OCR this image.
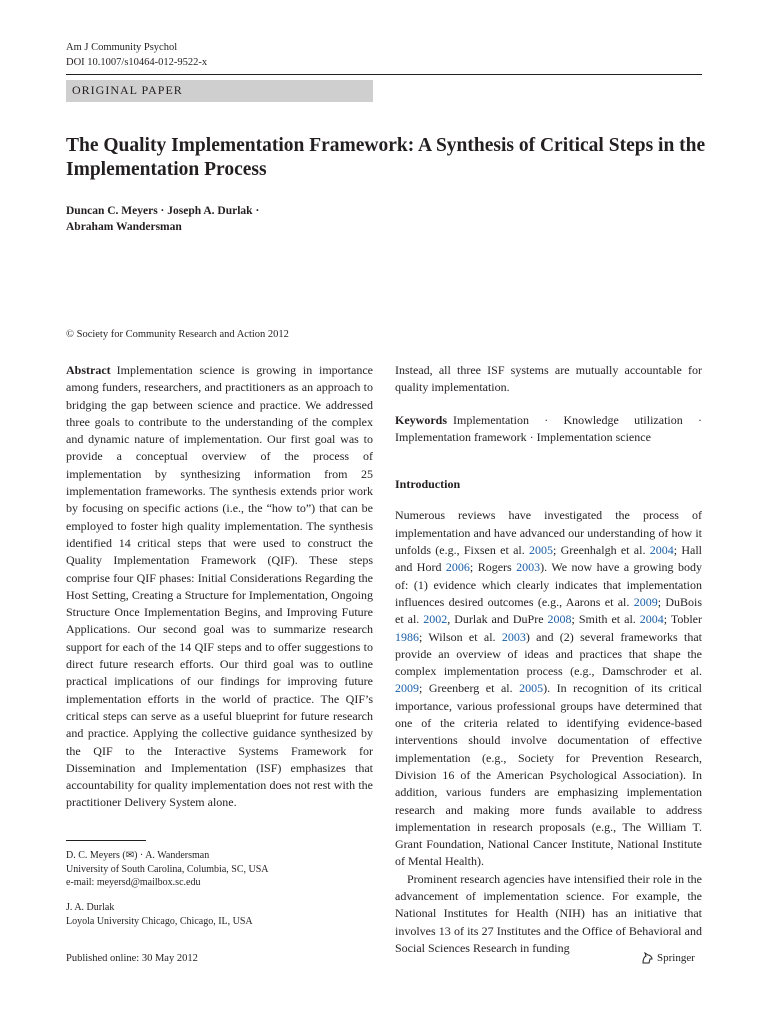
Am J Community Psychol
DOI 10.1007/s10464-012-9522-x
ORIGINAL PAPER
The Quality Implementation Framework: A Synthesis of Critical Steps in the Implementation Process
Duncan C. Meyers · Joseph A. Durlak ·
Abraham Wandersman
© Society for Community Research and Action 2012

Abstract Implementation science is growing in importance among funders, researchers, and practitioners as an approach to bridging the gap between science and practice. We addressed three goals to contribute to the understanding of the complex and dynamic nature of implementation. Our first goal was to provide a conceptual overview of the process of implementation by synthesizing information from 25 implementation frameworks. The synthesis extends prior work by focusing on specific actions (i.e., the “how to”) that can be employed to foster high quality implementation. The synthesis identified 14 critical steps that were used to construct the Quality Implementation Framework (QIF). These steps comprise four QIF phases: Initial Considerations Regarding the Host Setting, Creating a Structure for Implementation, Ongoing Structure Once Implementation Begins, and Improving Future Applications. Our second goal was to summarize research support for each of the 14 QIF steps and to offer suggestions to direct future research efforts. Our third goal was to outline practical implications of our findings for improving future implementation efforts in the world of practice. The QIF’s critical steps can serve as a useful blueprint for future research and practice. Applying the collective guidance synthesized by the QIF to the Interactive Systems Framework for Dissemination and Implementation (ISF) emphasizes that accountability for quality implementation does not rest with the practitioner Delivery System alone.

Instead, all three ISF systems are mutually accountable for quality implementation.

Keywords Implementation · Knowledge utilization · Implementation framework · Implementation science

Introduction

Numerous reviews have investigated the process of implementation and have advanced our understanding of how it unfolds (e.g., Fixsen et al. 2005; Greenhalgh et al. 2004; Hall and Hord 2006; Rogers 2003). We now have a growing body of: (1) evidence which clearly indicates that implementation influences desired outcomes (e.g., Aarons et al. 2009; DuBois et al. 2002, Durlak and DuPre 2008; Smith et al. 2004; Tobler 1986; Wilson et al. 2003) and (2) several frameworks that provide an overview of ideas and practices that shape the complex implementation process (e.g., Damschroder et al. 2009; Greenberg et al. 2005). In recognition of its critical importance, various professional groups have determined that one of the criteria related to identifying evidence-based interventions should involve documentation of effective implementation (e.g., Society for Prevention Research, Division 16 of the American Psychological Association). In addition, various funders are emphasizing implementation research and making more funds available to address implementation in research proposals (e.g., The William T. Grant Foundation, National Cancer Institute, National Institute of Mental Health).

Prominent research agencies have intensified their role in the advancement of implementation science. For example, the National Institutes for Health (NIH) has an initiative that involves 13 of its 27 Institutes and the Office of Behavioral and Social Sciences Research in funding

D. C. Meyers (✉) · A. Wandersman
University of South Carolina, Columbia, SC, USA
e-mail: meyersd@mailbox.sc.edu
J. A. Durlak
Loyola University Chicago, Chicago, IL, USA
Published online: 30 May 2012	Springer
